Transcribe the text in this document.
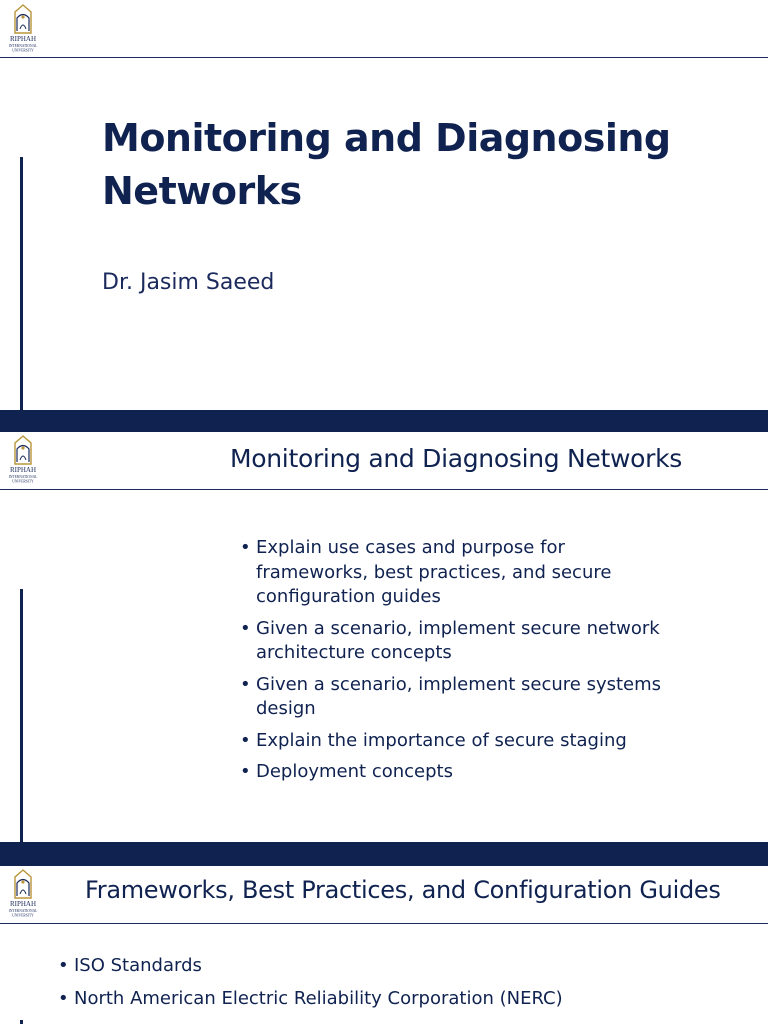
RIPHAH
INTERNATIONAL
UNIVERSITY
Monitoring and Diagnosing Networks

Dr. Jasim Saeed

RIPHAH
INTERNATIONAL
UNIVERSITY
Monitoring and Diagnosing Networks
• Explain use cases and purpose for frameworks, best practices, and secure configuration guides
• Given a scenario, implement secure network architecture concepts
• Given a scenario, implement secure systems design
• Explain the importance of secure staging
• Deployment concepts
RIPHAH
INTERNATIONAL
UNIVERSITY
Frameworks, Best Practices, and Configuration Guides
• ISO Standards
• North American Electric Reliability Corporation (NERC)
